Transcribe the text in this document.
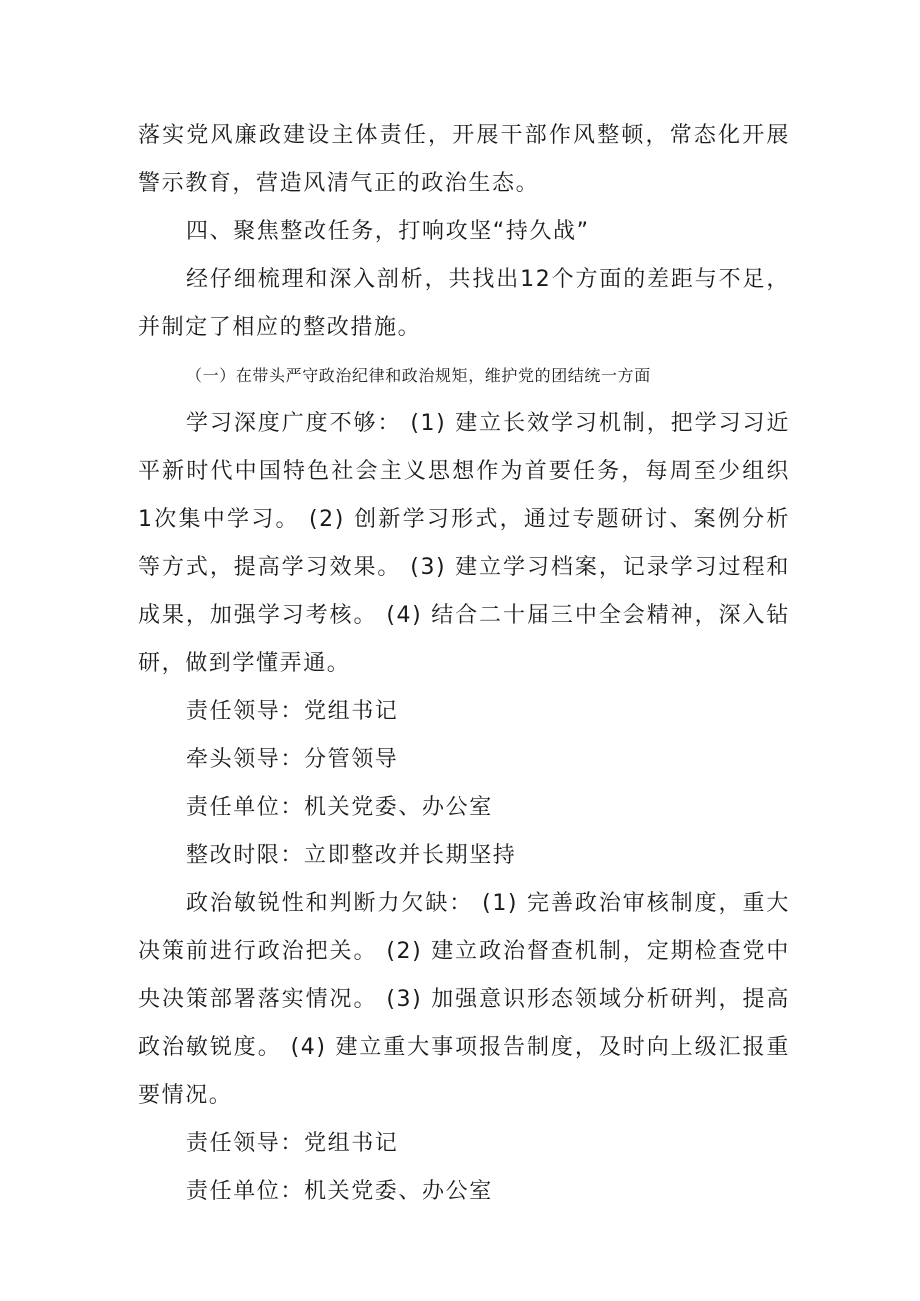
落实党风廉政建设主体责任，开展干部作风整顿，常态化开展警示教育，营造风清气正的政治生态。

四、聚焦整改任务，打响攻坚“持久战”

经仔细梳理和深入剖析，共找出12个方面的差距与不足，并制定了相应的整改措施。

（一）在带头严守政治纪律和政治规矩，维护党的团结统一方面

学习深度广度不够： (1) 建立长效学习机制，把学习习近平新时代中国特色社会主义思想作为首要任务，每周至少组织1次集中学习。 (2) 创新学习形式，通过专题研讨、案例分析等方式，提高学习效果。 (3) 建立学习档案，记录学习过程和成果，加强学习考核。 (4) 结合二十届三中全会精神，深入钻研，做到学懂弄通。

责任领导：党组书记

牵头领导：分管领导

责任单位：机关党委、办公室

整改时限：立即整改并长期坚持

政治敏锐性和判断力欠缺： (1) 完善政治审核制度，重大决策前进行政治把关。 (2) 建立政治督查机制，定期检查党中央决策部署落实情况。 (3) 加强意识形态领域分析研判，提高政治敏锐度。 (4) 建立重大事项报告制度，及时向上级汇报重要情况。

责任领导：党组书记

责任单位：机关党委、办公室
